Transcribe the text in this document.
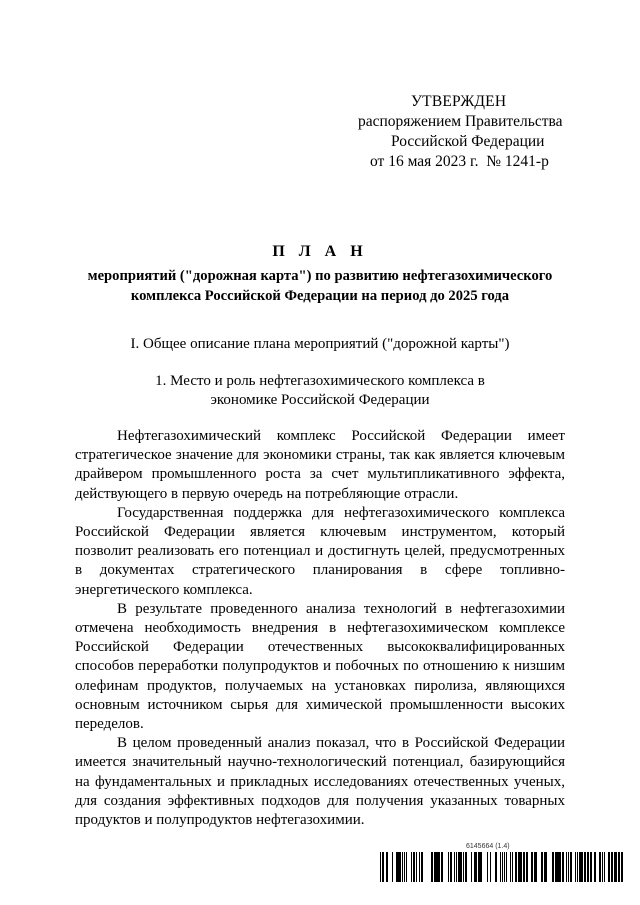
УТВЕРЖДЕН
распоряжением Правительства
Российской Федерации
от 16 мая 2023 г.  № 1241-р
П Л А Н
мероприятий ("дорожная карта") по развитию нефтегазохимического комплекса Российской Федерации на период до 2025 года
I. Общее описание плана мероприятий ("дорожной карты")
1. Место и роль нефтегазохимического комплекса в экономике Российской Федерации

Нефтегазохимический комплекс Российской Федерации имеет стратегическое значение для экономики страны, так как является ключевым драйвером промышленного роста за счет мультипликативного эффекта, действующего в первую очередь на потребляющие отрасли.

Государственная поддержка для нефтегазохимического комплекса Российской Федерации является ключевым инструментом, который позволит реализовать его потенциал и достигнуть целей, предусмотренных в документах стратегического планирования в сфере топливно-энергетического комплекса.

В результате проведенного анализа технологий в нефтегазохимии отмечена необходимость внедрения в нефтегазохимическом комплексе Российской Федерации отечественных высококвалифицированных способов переработки полупродуктов и побочных по отношению к низшим олефинам продуктов, получаемых на установках пиролиза, являющихся основным источником сырья для химической промышленности высоких переделов.

В целом проведенный анализ показал, что в Российской Федерации имеется значительный научно-технологический потенциал, базирующийся на фундаментальных и прикладных исследованиях отечественных ученых, для создания эффективных подходов для получения указанных товарных продуктов и полупродуктов нефтегазохимии.

6145664 (1.4)
